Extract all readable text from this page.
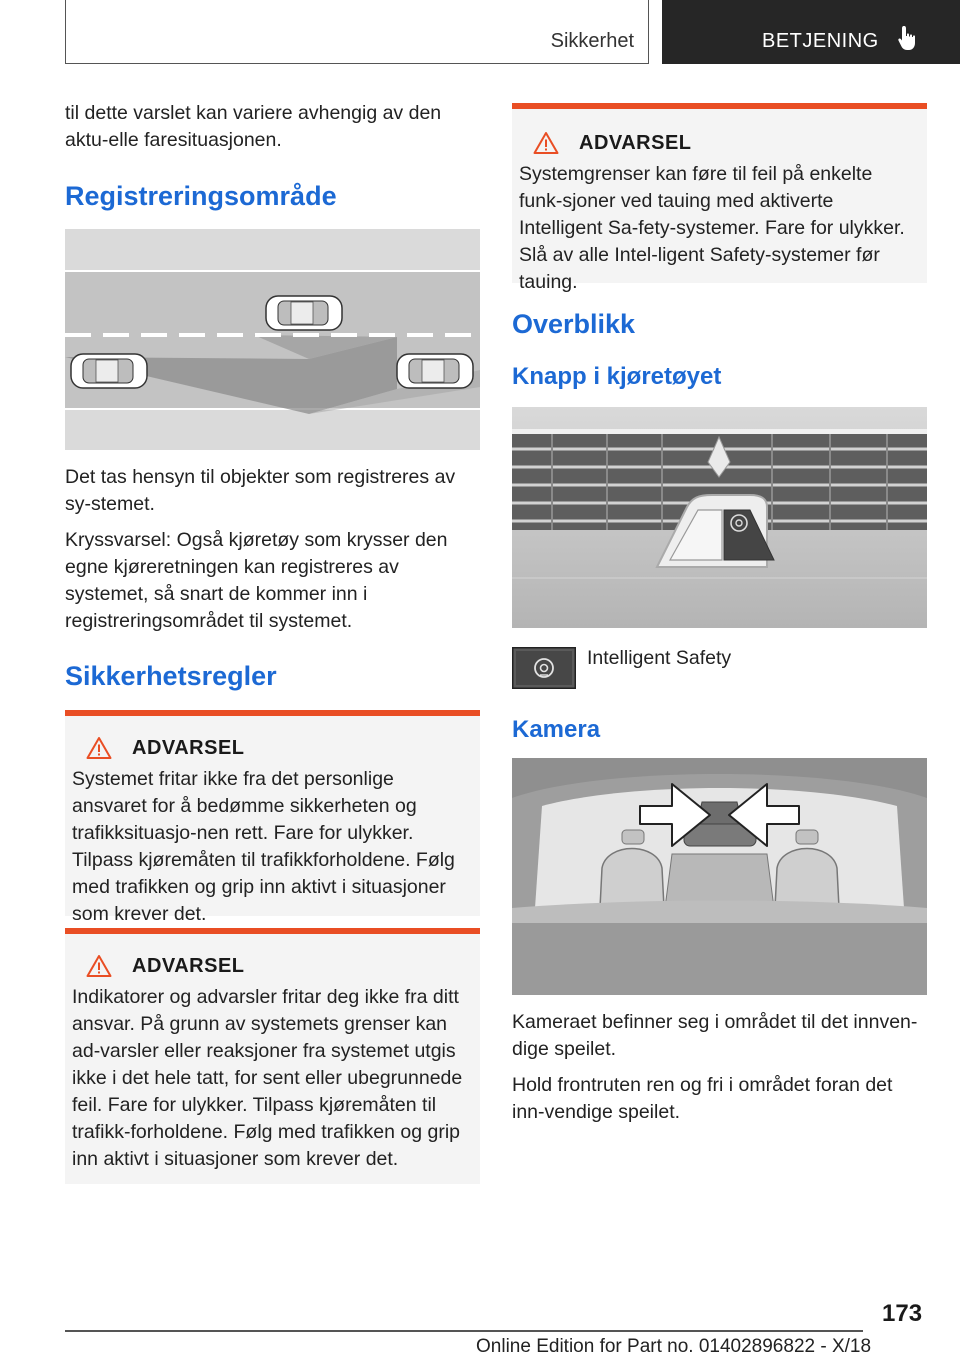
Sikkerhet	BETJENING

til dette varslet kan variere avhengig av den aktu-elle faresituasjonen.

Registreringsområde

Det tas hensyn til objekter som registreres av sy-stemet.

Kryssvarsel: Også kjøretøy som krysser den egne kjøreretningen kan registreres av systemet, så snart de kommer inn i registreringsområdet til systemet.

Sikkerhetsregler
ADVARSEL

Systemet fritar ikke fra det personlige ansvaret for å bedømme sikkerheten og trafikksituasjo-nen rett. Fare for ulykker. Tilpass kjøremåten til trafikkforholdene. Følg med trafikken og grip inn aktivt i situasjoner som krever det.

ADVARSEL

Indikatorer og advarsler fritar deg ikke fra ditt ansvar. På grunn av systemets grenser kan ad-varsler eller reaksjoner fra systemet utgis ikke i det hele tatt, for sent eller ubegrunnede feil. Fare for ulykker. Tilpass kjøremåten til trafikk-forholdene. Følg med trafikken og grip inn aktivt i situasjoner som krever det.

ADVARSEL

Systemgrenser kan føre til feil på enkelte funk-sjoner ved tauing med aktiverte Intelligent Sa-fety-systemer. Fare for ulykker. Slå av alle Intel-ligent Safety-systemer før tauing.

Overblikk
Knapp i kjøretøyet
Intelligent Safety
Kamera

Kameraet befinner seg i området til det innven-dige speilet.

Hold frontruten ren og fri i området foran det inn-vendige speilet.

173
Online Edition for Part no. 01402896822 - X/18
